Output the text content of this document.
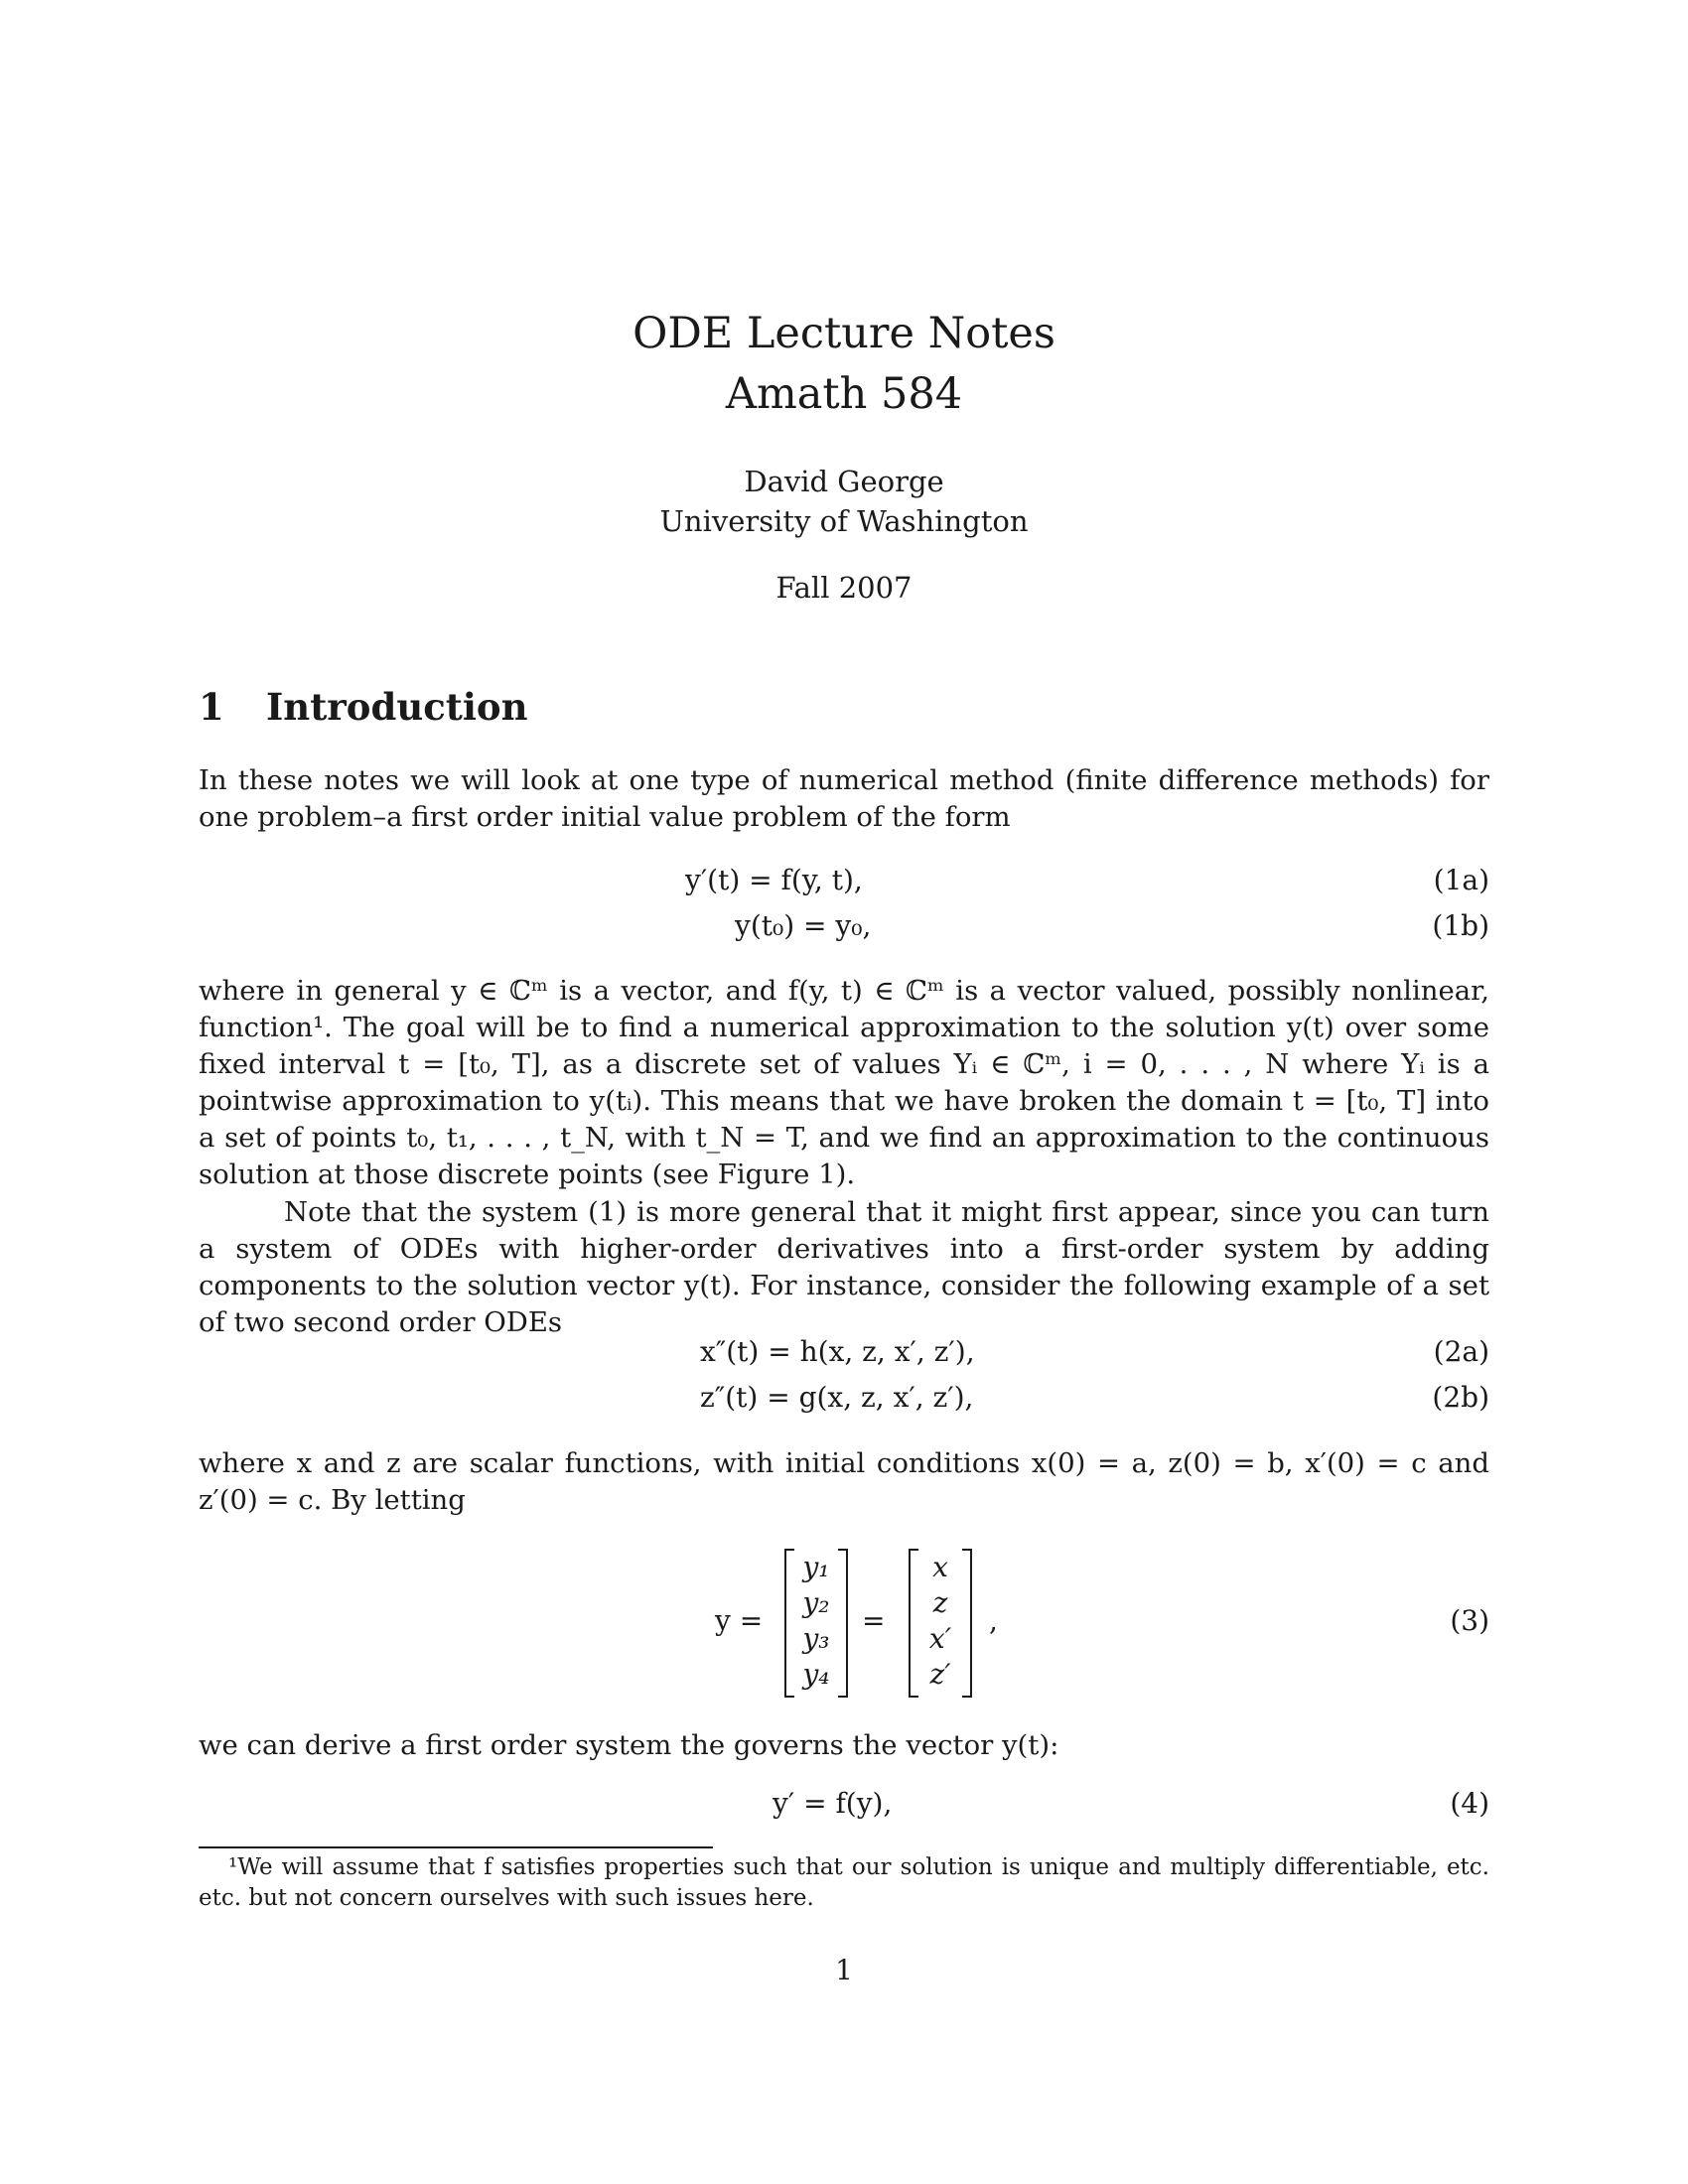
ODE Lecture Notes
Amath 584
David George
University of Washington
Fall 2007
1 Introduction
In these notes we will look at one type of numerical method (finite difference methods) for one problem–a first order initial value problem of the form
y′(t) = f(y, t),	(1a)
y(t₀) = y₀,	(1b)
where in general y ∈ ℂᵐ is a vector, and f(y, t) ∈ ℂᵐ is a vector valued, possibly nonlinear, function¹. The goal will be to find a numerical approximation to the solution y(t) over some fixed interval t = [t₀, T], as a discrete set of values Yᵢ ∈ ℂᵐ, i = 0, . . . , N where Yᵢ is a pointwise approximation to y(tᵢ). This means that we have broken the domain t = [t₀, T] into a set of points t₀, t₁, . . . , t_N, with t_N = T, and we find an approximation to the continuous solution at those discrete points (see Figure 1).
Note that the system (1) is more general that it might first appear, since you can turn a system of ODEs with higher-order derivatives into a first-order system by adding components to the solution vector y(t). For instance, consider the following example of a set of two second order ODEs
x″(t) = h(x, z, x′, z′),	(2a)
z″(t) = g(x, z, x′, z′),	(2b)
where x and z are scalar functions, with initial conditions x(0) = a, z(0) = b, x′(0) = c and z′(0) = c. By letting
y =
y₁
y₂
y₃
y₄
=
x
z
x′
z′
,	(3)
we can derive a first order system the governs the vector y(t):
y′ = f(y),	(4)
¹We will assume that f satisfies properties such that our solution is unique and multiply differentiable, etc. etc. but not concern ourselves with such issues here.
1
